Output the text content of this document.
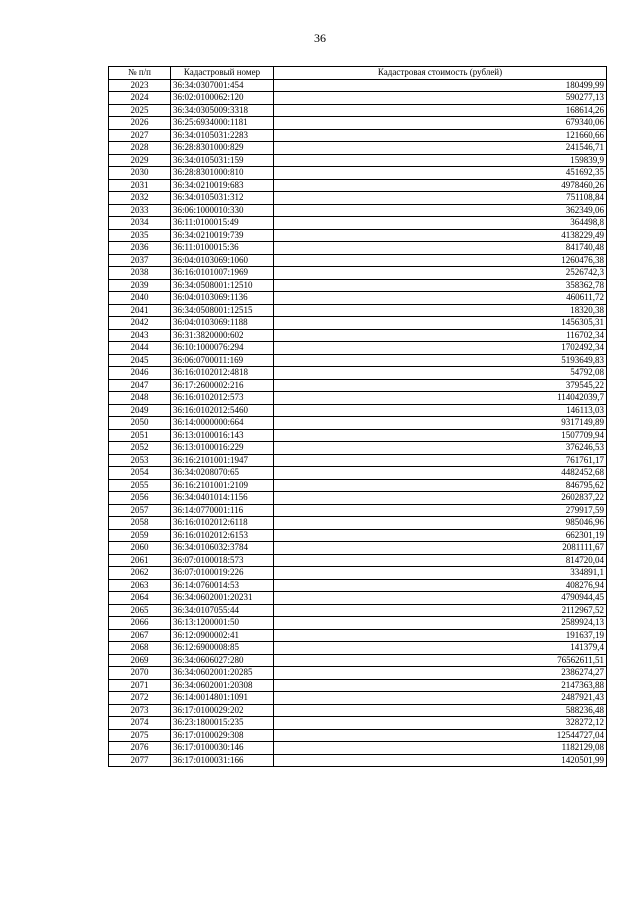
36
№ п/п	Кадастровый номер	Кадастровая стоимость (рублей)
2023	36:34:0307001:454	180499,99
2024	36:02:0100062:120	590277,13
2025	36:34:0305009:3318	168614,26
2026	36:25:6934000:1181	679340,06
2027	36:34:0105031:2283	121660,66
2028	36:28:8301000:829	241546,71
2029	36:34:0105031:159	159839,9
2030	36:28:8301000:810	451692,35
2031	36:34:0210019:683	4978460,26
2032	36:34:0105031:312	751108,84
2033	36:06:1000010:330	362349,06
2034	36:11:0100015:49	364498,8
2035	36:34:0210019:739	4138229,49
2036	36:11:0100015:36	841740,48
2037	36:04:0103069:1060	1260476,38
2038	36:16:0101007:1969	2526742,3
2039	36:34:0508001:12510	358362,78
2040	36:04:0103069:1136	460611,72
2041	36:34:0508001:12515	18320,38
2042	36:04:0103069:1188	1456305,31
2043	36:31:3820000:602	116702,34
2044	36:10:1000076:294	1702492,34
2045	36:06:0700011:169	5193649,83
2046	36:16:0102012:4818	54792,08
2047	36:17:2600002:216	379545,22
2048	36:16:0102012:573	114042039,7
2049	36:16:0102012:5460	146113,03
2050	36:14:0000000:664	9317149,89
2051	36:13:0100016:143	1507709,94
2052	36:13:0100016:229	376246,53
2053	36:16:2101001:1947	761761,17
2054	36:34:0208070:65	4482452,68
2055	36:16:2101001:2109	846795,62
2056	36:34:0401014:1156	2602837,22
2057	36:14:0770001:116	279917,59
2058	36:16:0102012:6118	985046,96
2059	36:16:0102012:6153	662301,19
2060	36:34:0106032:3784	2081111,67
2061	36:07:0100018:573	814720,04
2062	36:07:0100019:226	334891,1
2063	36:14:0760014:53	408276,94
2064	36:34:0602001:20231	4790944,45
2065	36:34:0107055:44	2112967,52
2066	36:13:1200001:50	2589924,13
2067	36:12:0900002:41	191637,19
2068	36:12:6900008:85	141379,4
2069	36:34:0606027:280	76562611,51
2070	36:34:0602001:20285	2386274,27
2071	36:34:0602001:20308	2147363,88
2072	36:14:0014801:1091	2487921,43
2073	36:17:0100029:202	588236,48
2074	36:23:1800015:235	328272,12
2075	36:17:0100029:308	12544727,04
2076	36:17:0100030:146	1182129,08
2077	36:17:0100031:166	1420501,99
